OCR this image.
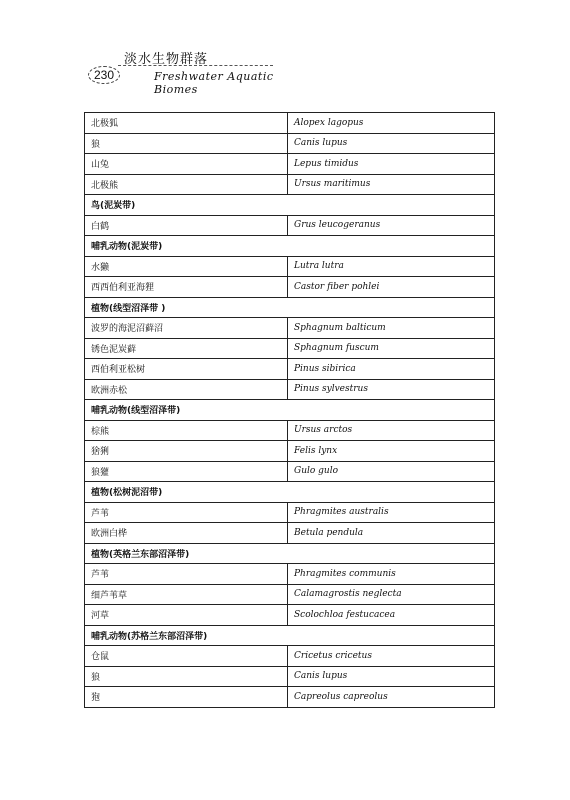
230
淡水生物群落
Freshwater Aquatic Biomes
北极狐	Alopex lagopus
狼	Canis lupus
山兔	Lepus timidus
北极熊	Ursus maritimus
鸟(泥炭带)	
白鹤	Grus leucogeranus
哺乳动物(泥炭带)	
水獭	Lutra lutra
西西伯利亚海狸	Castor fiber pohlei
植物(线型沼泽带 )	
波罗的海泥沼藓沼	Sphagnum balticum
锈色泥炭藓	Sphagnum fuscum
西伯利亚松树	Pinus sibirica
欧洲赤松	Pinus sylvestrus
哺乳动物(线型沼泽带)	
棕熊	Ursus arctos
猞猁	Felis lynx
狼獾	Gulo gulo
植物(松树泥沼带)	
芦苇	Phragmites australis
欧洲白桦	Betula pendula
植物(英格兰东部沼泽带)	
芦苇	Phragmites communis
细芦苇草	Calamagrostis neglecta
河草	Scolochloa festucacea
哺乳动物(苏格兰东部沼泽带)	
仓鼠	Cricetus cricetus
狼	Canis lupus
狍	Capreolus capreolus
